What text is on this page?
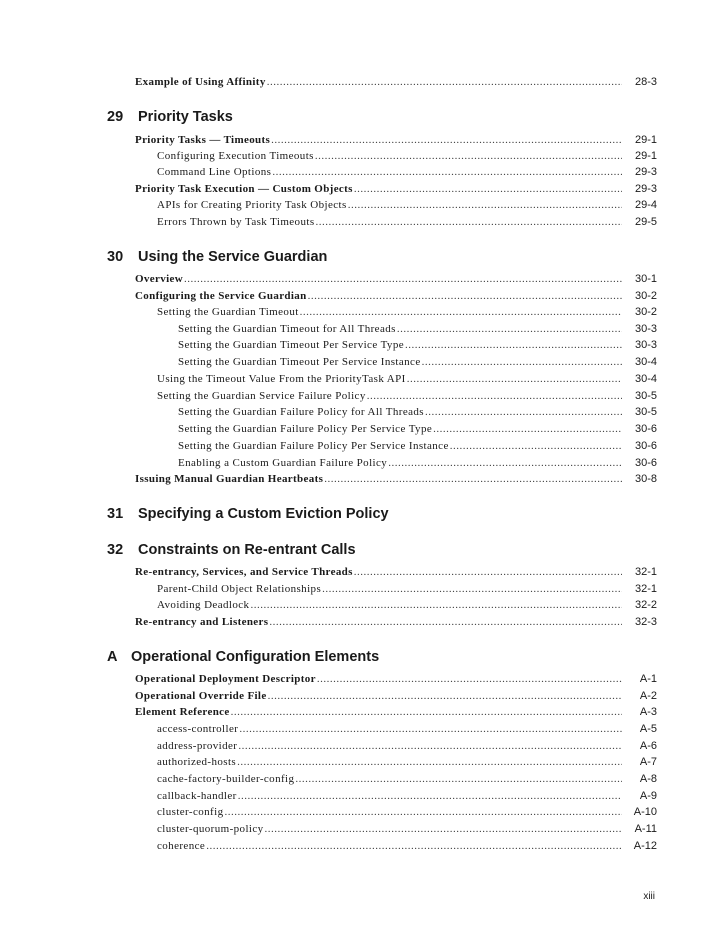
Example of Using Affinity .....	28-3
29 Priority Tasks
Priority Tasks — Timeouts .....	29-1
Configuring Execution Timeouts .....	29-1
Command Line Options .....	29-3
Priority Task Execution — Custom Objects .....	29-3
APIs for Creating Priority Task Objects .....	29-4
Errors Thrown by Task Timeouts .....	29-5
30 Using the Service Guardian
Overview .....	30-1
Configuring the Service Guardian .....	30-2
Setting the Guardian Timeout .....	30-2
Setting the Guardian Timeout for All Threads .....	30-3
Setting the Guardian Timeout Per Service Type .....	30-3
Setting the Guardian Timeout Per Service Instance .....	30-4
Using the Timeout Value From the PriorityTask API .....	30-4
Setting the Guardian Service Failure Policy .....	30-5
Setting the Guardian Failure Policy for All Threads .....	30-5
Setting the Guardian Failure Policy Per Service Type .....	30-6
Setting the Guardian Failure Policy Per Service Instance .....	30-6
Enabling a Custom Guardian Failure Policy .....	30-6
Issuing Manual Guardian Heartbeats .....	30-8
31 Specifying a Custom Eviction Policy
32 Constraints on Re-entrant Calls
Re-entrancy, Services, and Service Threads .....	32-1
Parent-Child Object Relationships .....	32-1
Avoiding Deadlock .....	32-2
Re-entrancy and Listeners .....	32-3
A Operational Configuration Elements
Operational Deployment Descriptor .....	A-1
Operational Override File .....	A-2
Element Reference .....	A-3
access-controller .....	A-5
address-provider .....	A-6
authorized-hosts .....	A-7
cache-factory-builder-config .....	A-8
callback-handler .....	A-9
cluster-config .....	A-10
cluster-quorum-policy .....	A-11
coherence .....	A-12
xiii
